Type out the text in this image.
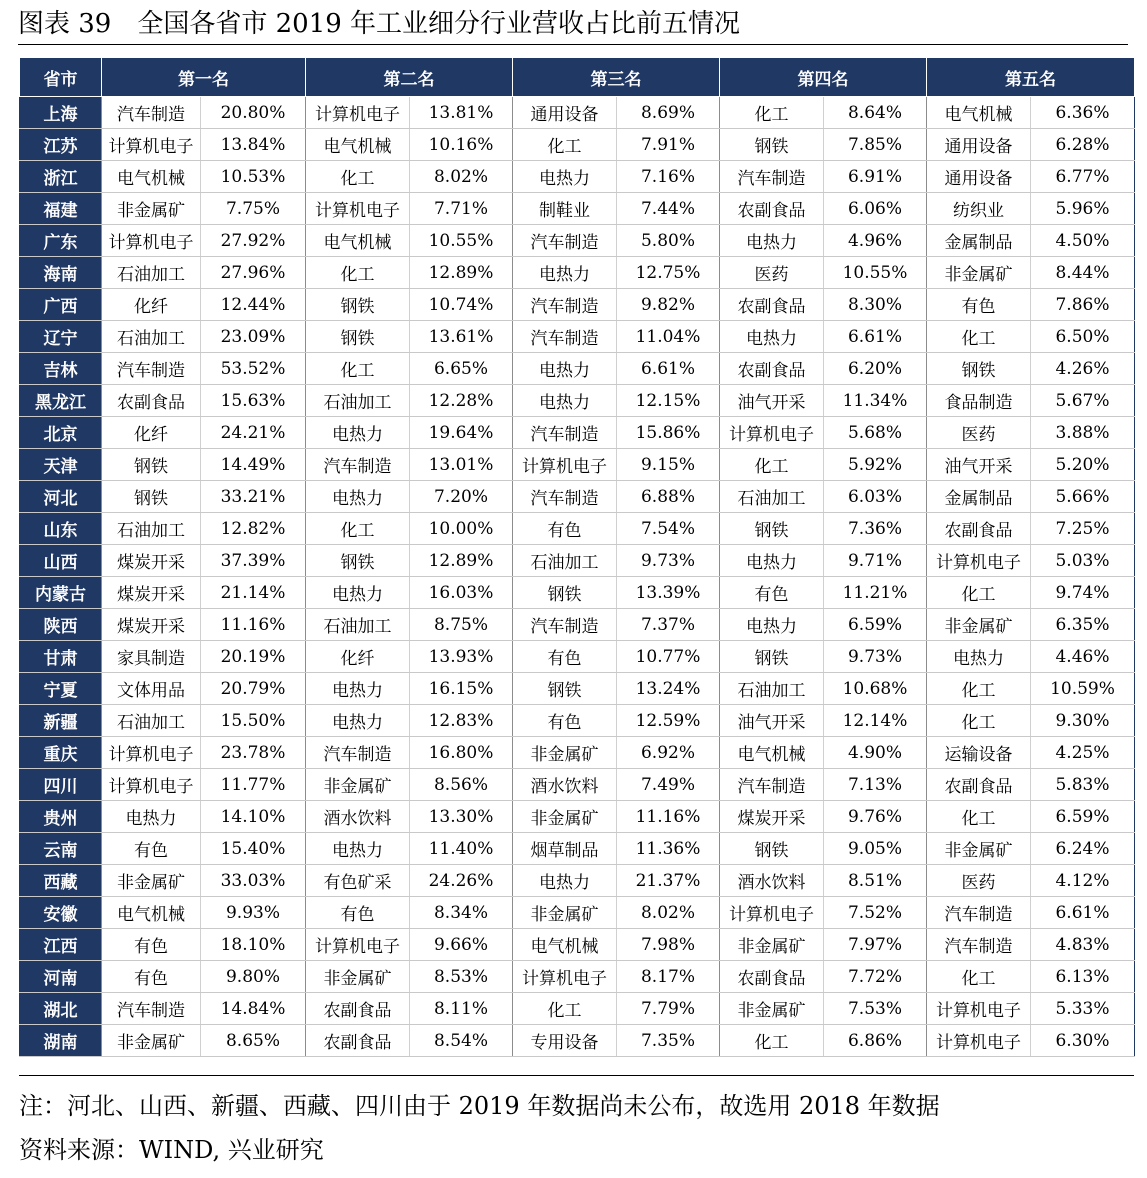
图表 39　全国各省市 2019 年工业细分行业营收占比前五情况
省市	第一名		第二名		第三名		第四名		第五名	
上海	汽车制造	20.80%	计算机电子	13.81%	通用设备	8.69%	化工	8.64%	电气机械	6.36%
江苏	计算机电子	13.84%	电气机械	10.16%	化工	7.91%	钢铁	7.85%	通用设备	6.28%
浙江	电气机械	10.53%	化工	8.02%	电热力	7.16%	汽车制造	6.91%	通用设备	6.77%
福建	非金属矿	7.75%	计算机电子	7.71%	制鞋业	7.44%	农副食品	6.06%	纺织业	5.96%
广东	计算机电子	27.92%	电气机械	10.55%	汽车制造	5.80%	电热力	4.96%	金属制品	4.50%
海南	石油加工	27.96%	化工	12.89%	电热力	12.75%	医药	10.55%	非金属矿	8.44%
广西	化纤	12.44%	钢铁	10.74%	汽车制造	9.82%	农副食品	8.30%	有色	7.86%
辽宁	石油加工	23.09%	钢铁	13.61%	汽车制造	11.04%	电热力	6.61%	化工	6.50%
吉林	汽车制造	53.52%	化工	6.65%	电热力	6.61%	农副食品	6.20%	钢铁	4.26%
黑龙江	农副食品	15.63%	石油加工	12.28%	电热力	12.15%	油气开采	11.34%	食品制造	5.67%
北京	化纤	24.21%	电热力	19.64%	汽车制造	15.86%	计算机电子	5.68%	医药	3.88%
天津	钢铁	14.49%	汽车制造	13.01%	计算机电子	9.15%	化工	5.92%	油气开采	5.20%
河北	钢铁	33.21%	电热力	7.20%	汽车制造	6.88%	石油加工	6.03%	金属制品	5.66%
山东	石油加工	12.82%	化工	10.00%	有色	7.54%	钢铁	7.36%	农副食品	7.25%
山西	煤炭开采	37.39%	钢铁	12.89%	石油加工	9.73%	电热力	9.71%	计算机电子	5.03%
内蒙古	煤炭开采	21.14%	电热力	16.03%	钢铁	13.39%	有色	11.21%	化工	9.74%
陕西	煤炭开采	11.16%	石油加工	8.75%	汽车制造	7.37%	电热力	6.59%	非金属矿	6.35%
甘肃	家具制造	20.19%	化纤	13.93%	有色	10.77%	钢铁	9.73%	电热力	4.46%
宁夏	文体用品	20.79%	电热力	16.15%	钢铁	13.24%	石油加工	10.68%	化工	10.59%
新疆	石油加工	15.50%	电热力	12.83%	有色	12.59%	油气开采	12.14%	化工	9.30%
重庆	计算机电子	23.78%	汽车制造	16.80%	非金属矿	6.92%	电气机械	4.90%	运输设备	4.25%
四川	计算机电子	11.77%	非金属矿	8.56%	酒水饮料	7.49%	汽车制造	7.13%	农副食品	5.83%
贵州	电热力	14.10%	酒水饮料	13.30%	非金属矿	11.16%	煤炭开采	9.76%	化工	6.59%
云南	有色	15.40%	电热力	11.40%	烟草制品	11.36%	钢铁	9.05%	非金属矿	6.24%
西藏	非金属矿	33.03%	有色矿采	24.26%	电热力	21.37%	酒水饮料	8.51%	医药	4.12%
安徽	电气机械	9.93%	有色	8.34%	非金属矿	8.02%	计算机电子	7.52%	汽车制造	6.61%
江西	有色	18.10%	计算机电子	9.66%	电气机械	7.98%	非金属矿	7.97%	汽车制造	4.83%
河南	有色	9.80%	非金属矿	8.53%	计算机电子	8.17%	农副食品	7.72%	化工	6.13%
湖北	汽车制造	14.84%	农副食品	8.11%	化工	7.79%	非金属矿	7.53%	计算机电子	5.33%
湖南	非金属矿	8.65%	农副食品	8.54%	专用设备	7.35%	化工	6.86%	计算机电子	6.30%
注：河北、山西、新疆、西藏、四川由于 2019 年数据尚未公布，故选用 2018 年数据
资料来源：WIND, 兴业研究
